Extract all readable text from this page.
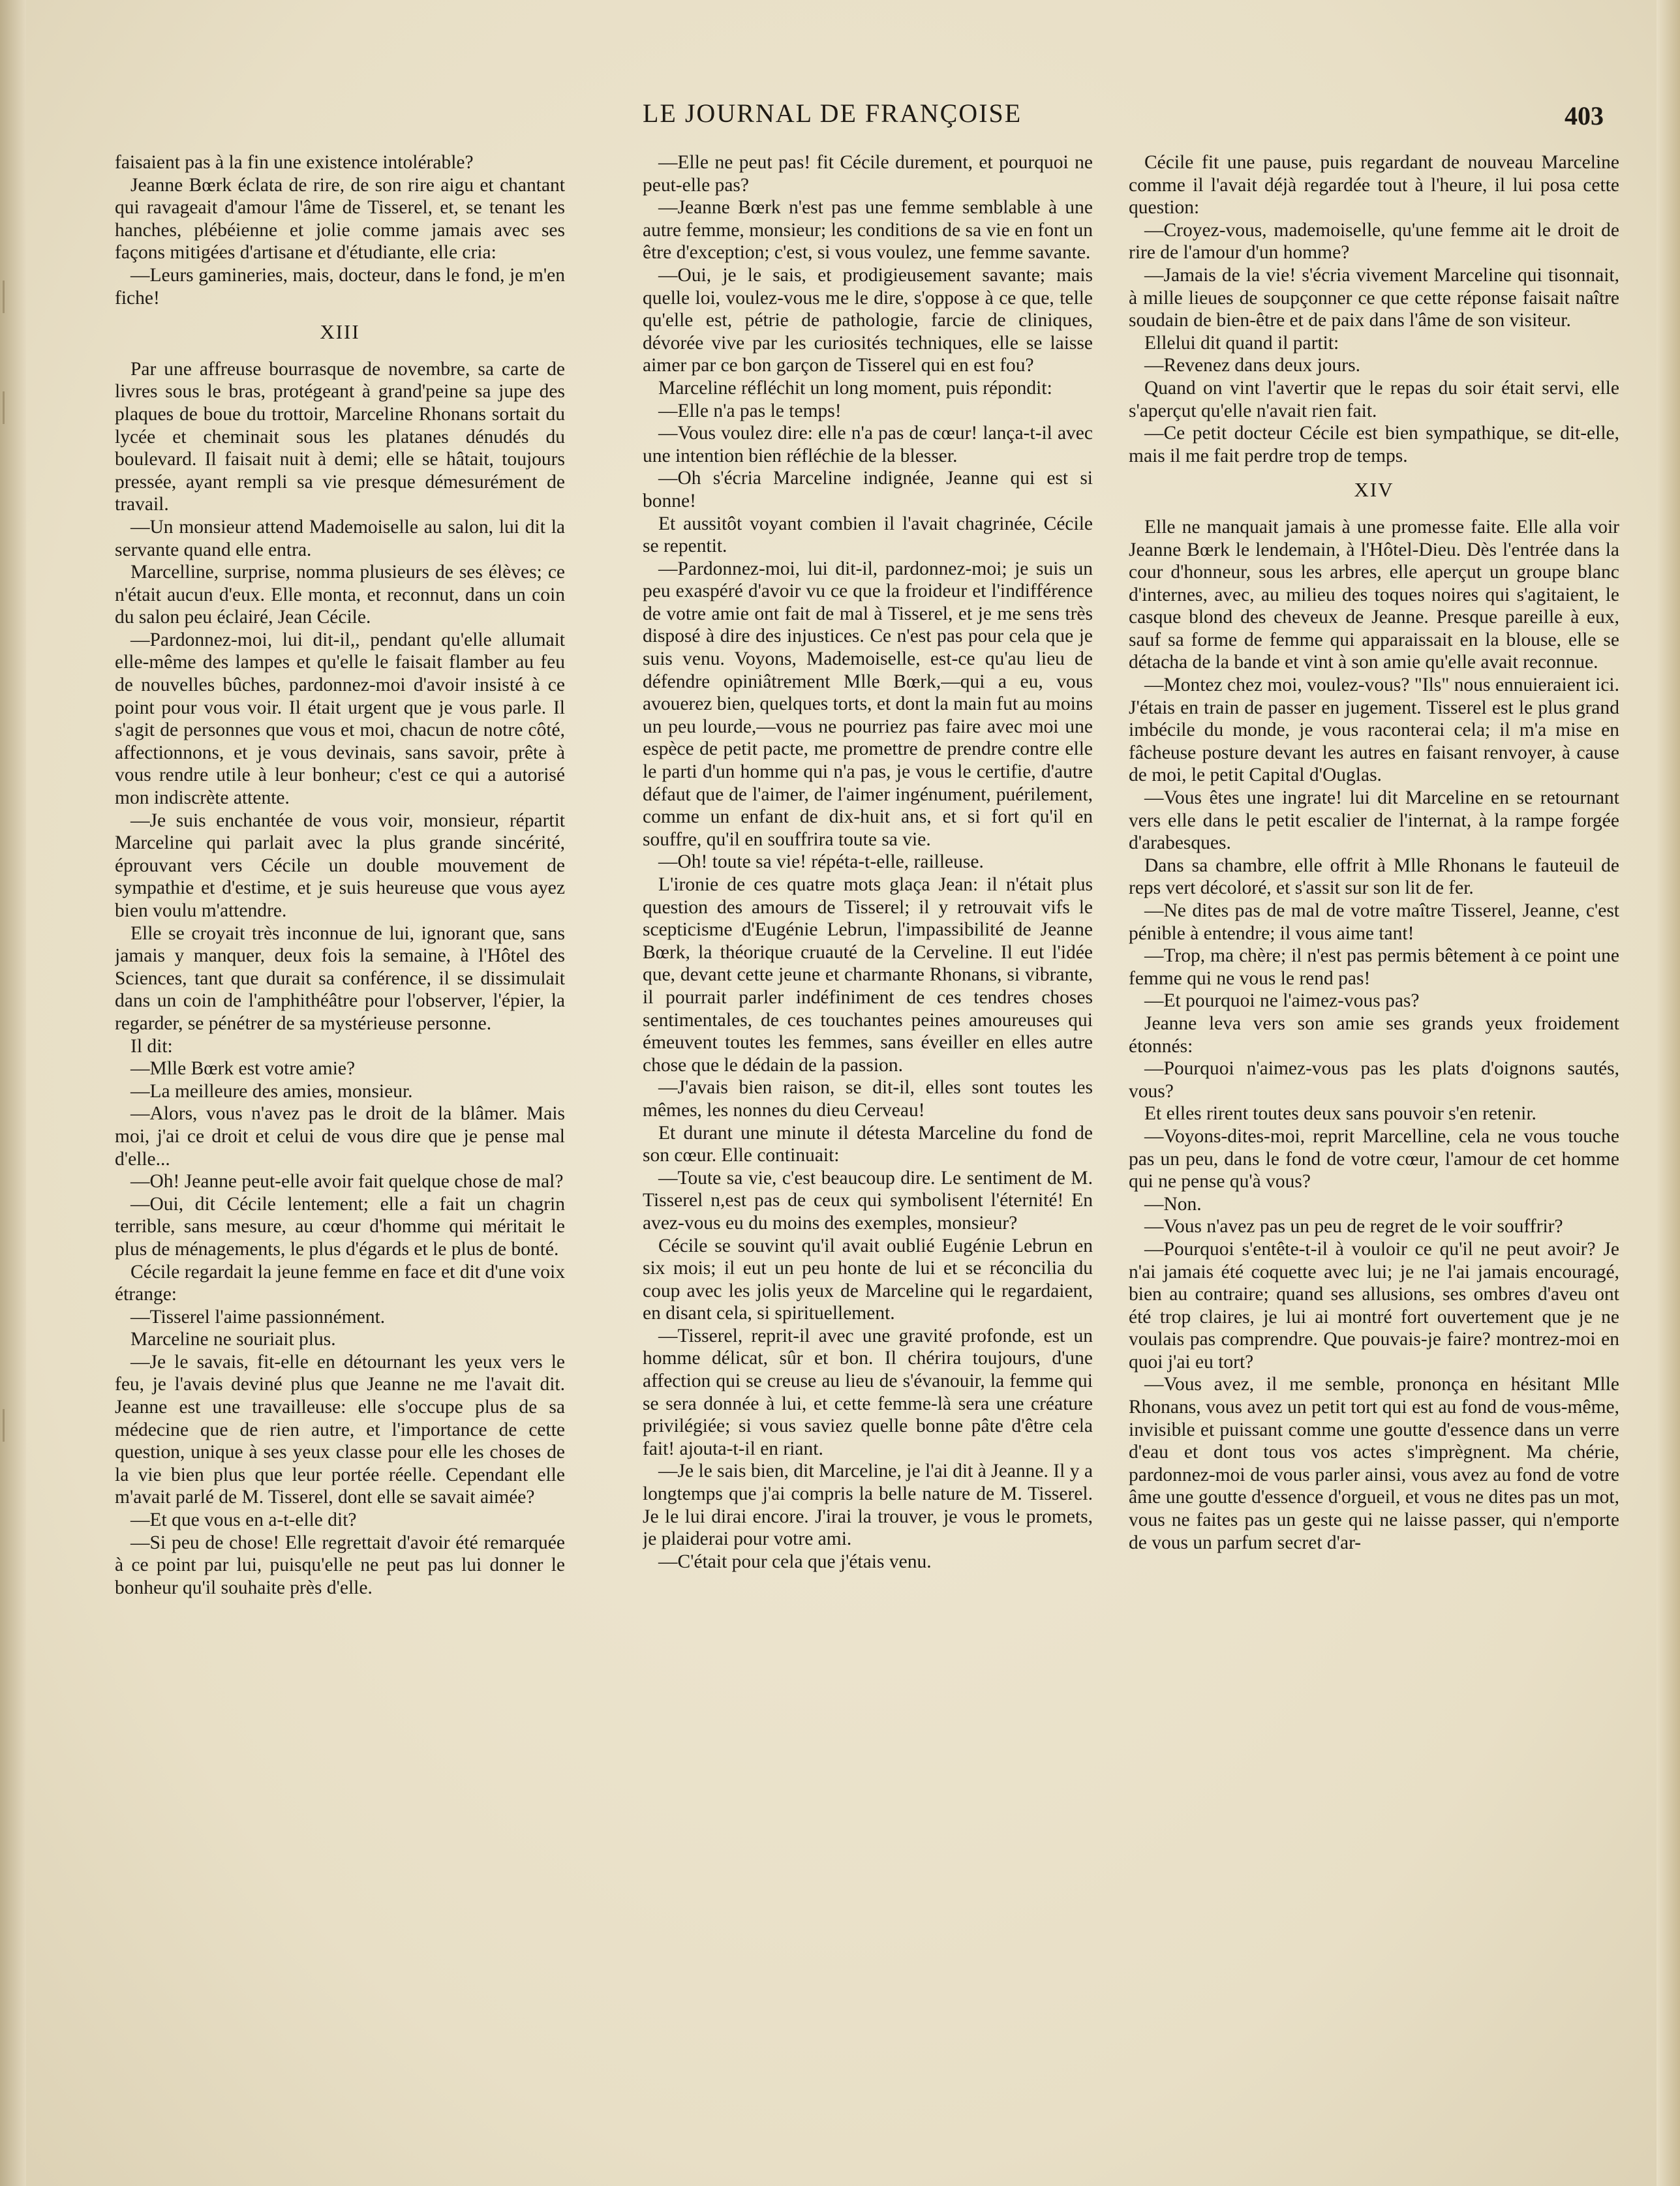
LE JOURNAL DE FRANÇOISE	403

faisaient pas à la fin une existence intolérable?

Jeanne Bœrk éclata de rire, de son rire aigu et chantant qui ravageait d'amour l'âme de Tisserel, et, se tenant les hanches, plébéienne et jolie comme jamais avec ses façons mitigées d'artisane et d'étudiante, elle cria:

—Leurs gamineries, mais, docteur, dans le fond, je m'en fiche!

XIII

Par une affreuse bourrasque de novembre, sa carte de livres sous le bras, protégeant à grand'peine sa jupe des plaques de boue du trottoir, Marceline Rhonans sortait du lycée et cheminait sous les platanes dénudés du boulevard. Il faisait nuit à demi; elle se hâtait, toujours pressée, ayant rempli sa vie presque démesurément de travail.

—Un monsieur attend Mademoiselle au salon, lui dit la servante quand elle entra.

Marcelline, surprise, nomma plusieurs de ses élèves; ce n'était aucun d'eux. Elle monta, et reconnut, dans un coin du salon peu éclairé, Jean Cécile.

—Pardonnez-moi, lui dit-il,, pendant qu'elle allumait elle-même des lampes et qu'elle le faisait flamber au feu de nouvelles bûches, pardonnez-moi d'avoir insisté à ce point pour vous voir. Il était urgent que je vous parle. Il s'agit de personnes que vous et moi, chacun de notre côté, affectionnons, et je vous devinais, sans savoir, prête à vous rendre utile à leur bonheur; c'est ce qui a autorisé mon indiscrète attente.

—Je suis enchantée de vous voir, monsieur, répartit Marceline qui parlait avec la plus grande sincérité, éprouvant vers Cécile un double mouvement de sympathie et d'estime, et je suis heureuse que vous ayez bien voulu m'attendre.

Elle se croyait très inconnue de lui, ignorant que, sans jamais y manquer, deux fois la semaine, à l'Hôtel des Sciences, tant que durait sa conférence, il se dissimulait dans un coin de l'amphithéâtre pour l'observer, l'épier, la regarder, se pénétrer de sa mystérieuse personne.

Il dit:

—Mlle Bœrk est votre amie?

—La meilleure des amies, monsieur.

—Alors, vous n'avez pas le droit de la blâmer. Mais moi, j'ai ce droit et celui de vous dire que je pense mal d'elle...

—Oh! Jeanne peut-elle avoir fait quelque chose de mal?

—Oui, dit Cécile lentement; elle a fait un chagrin terrible, sans mesure, au cœur d'homme qui méritait le plus de ménagements, le plus d'égards et le plus de bonté.

Cécile regardait la jeune femme en face et dit d'une voix étrange:

—Tisserel l'aime passionnément.

Marceline ne souriait plus.

—Je le savais, fit-elle en détournant les yeux vers le feu, je l'avais deviné plus que Jeanne ne me l'avait dit. Jeanne est une travailleuse: elle s'occupe plus de sa médecine que de rien autre, et l'importance de cette question, unique à ses yeux classe pour elle les choses de la vie bien plus que leur portée réelle. Cependant elle m'avait parlé de M. Tisserel, dont elle se savait aimée?

—Et que vous en a-t-elle dit?

—Si peu de chose! Elle regrettait d'avoir été remarquée à ce point par lui, puisqu'elle ne peut pas lui donner le bonheur qu'il souhaite près d'elle.

—Elle ne peut pas! fit Cécile durement, et pourquoi ne peut-elle pas?

—Jeanne Bœrk n'est pas une femme semblable à une autre femme, monsieur; les conditions de sa vie en font un être d'exception; c'est, si vous voulez, une femme savante.

—Oui, je le sais, et prodigieusement savante; mais quelle loi, voulez-vous me le dire, s'oppose à ce que, telle qu'elle est, pétrie de pathologie, farcie de cliniques, dévorée vive par les curiosités techniques, elle se laisse aimer par ce bon garçon de Tisserel qui en est fou?

Marceline réfléchit un long moment, puis répondit:

—Elle n'a pas le temps!

—Vous voulez dire: elle n'a pas de cœur! lança-t-il avec une intention bien réfléchie de la blesser.

—Oh s'écria Marceline indignée, Jeanne qui est si bonne!

Et aussitôt voyant combien il l'avait chagrinée, Cécile se repentit.

—Pardonnez-moi, lui dit-il, pardonnez-moi; je suis un peu exaspéré d'avoir vu ce que la froideur et l'indifférence de votre amie ont fait de mal à Tisserel, et je me sens très disposé à dire des injustices. Ce n'est pas pour cela que je suis venu. Voyons, Mademoiselle, est-ce qu'au lieu de défendre opiniâtrement Mlle Bœrk,—qui a eu, vous avouerez bien, quelques torts, et dont la main fut au moins un peu lourde,—vous ne pourriez pas faire avec moi une espèce de petit pacte, me promettre de prendre contre elle le parti d'un homme qui n'a pas, je vous le certifie, d'autre défaut que de l'aimer, de l'aimer ingénument, puérilement, comme un enfant de dix-huit ans, et si fort qu'il en souffre, qu'il en souffrira toute sa vie.

—Oh! toute sa vie! répéta-t-elle, railleuse.

L'ironie de ces quatre mots glaça Jean: il n'était plus question des amours de Tisserel; il y retrouvait vifs le scepticisme d'Eugénie Lebrun, l'impassibilité de Jeanne Bœrk, la théorique cruauté de la Cerveline. Il eut l'idée que, devant cette jeune et charmante Rhonans, si vibrante, il pourrait parler indéfiniment de ces tendres choses sentimentales, de ces touchantes peines amoureuses qui émeuvent toutes les femmes, sans éveiller en elles autre chose que le dédain de la passion.

—J'avais bien raison, se dit-il, elles sont toutes les mêmes, les nonnes du dieu Cerveau!

Et durant une minute il détesta Marceline du fond de son cœur. Elle continuait:

—Toute sa vie, c'est beaucoup dire. Le sentiment de M. Tisserel n,est pas de ceux qui symbolisent l'éternité! En avez-vous eu du moins des exemples, monsieur?

Cécile se souvint qu'il avait oublié Eugénie Lebrun en six mois; il eut un peu honte de lui et se réconcilia du coup avec les jolis yeux de Marceline qui le regardaient, en disant cela, si spirituellement.

—Tisserel, reprit-il avec une gravité profonde, est un homme délicat, sûr et bon. Il chérira toujours, d'une affection qui se creuse au lieu de s'évanouir, la femme qui se sera donnée à lui, et cette femme-là sera une créature privilégiée; si vous saviez quelle bonne pâte d'être cela fait! ajouta-t-il en riant.

—Je le sais bien, dit Marceline, je l'ai dit à Jeanne. Il y a longtemps que j'ai compris la belle nature de M. Tisserel. Je le lui dirai encore. J'irai la trouver, je vous le promets, je plaiderai pour votre ami.

—C'était pour cela que j'étais venu.

Cécile fit une pause, puis regardant de nouveau Marceline comme il l'avait déjà regardée tout à l'heure, il lui posa cette question:

—Croyez-vous, mademoiselle, qu'une femme ait le droit de rire de l'amour d'un homme?

—Jamais de la vie! s'écria vivement Marceline qui tisonnait, à mille lieues de soupçonner ce que cette réponse faisait naître soudain de bien-être et de paix dans l'âme de son visiteur.

Ellelui dit quand il partit:

—Revenez dans deux jours.

Quand on vint l'avertir que le repas du soir était servi, elle s'aperçut qu'elle n'avait rien fait.

—Ce petit docteur Cécile est bien sympathique, se dit-elle, mais il me fait perdre trop de temps.

XIV

Elle ne manquait jamais à une promesse faite. Elle alla voir Jeanne Bœrk le lendemain, à l'Hôtel-Dieu. Dès l'entrée dans la cour d'honneur, sous les arbres, elle aperçut un groupe blanc d'internes, avec, au milieu des toques noires qui s'agitaient, le casque blond des cheveux de Jeanne. Presque pareille à eux, sauf sa forme de femme qui apparaissait en la blouse, elle se détacha de la bande et vint à son amie qu'elle avait reconnue.

—Montez chez moi, voulez-vous? "Ils" nous ennuieraient ici. J'étais en train de passer en jugement. Tisserel est le plus grand imbécile du monde, je vous raconterai cela; il m'a mise en fâcheuse posture devant les autres en faisant renvoyer, à cause de moi, le petit Capital d'Ouglas.

—Vous êtes une ingrate! lui dit Marceline en se retournant vers elle dans le petit escalier de l'internat, à la rampe forgée d'arabesques.

Dans sa chambre, elle offrit à Mlle Rhonans le fauteuil de reps vert décoloré, et s'assit sur son lit de fer.

—Ne dites pas de mal de votre maître Tisserel, Jeanne, c'est pénible à entendre; il vous aime tant!

—Trop, ma chère; il n'est pas permis bêtement à ce point une femme qui ne vous le rend pas!

—Et pourquoi ne l'aimez-vous pas?

Jeanne leva vers son amie ses grands yeux froidement étonnés:

—Pourquoi n'aimez-vous pas les plats d'oignons sautés, vous?

Et elles rirent toutes deux sans pouvoir s'en retenir.

—Voyons-dites-moi, reprit Marcelline, cela ne vous touche pas un peu, dans le fond de votre cœur, l'amour de cet homme qui ne pense qu'à vous?

—Non.

—Vous n'avez pas un peu de regret de le voir souffrir?

—Pourquoi s'entête-t-il à vouloir ce qu'il ne peut avoir? Je n'ai jamais été coquette avec lui; je ne l'ai jamais encouragé, bien au contraire; quand ses allusions, ses ombres d'aveu ont été trop claires, je lui ai montré fort ouvertement que je ne voulais pas comprendre. Que pouvais-je faire? montrez-moi en quoi j'ai eu tort?

—Vous avez, il me semble, prononça en hésitant Mlle Rhonans, vous avez un petit tort qui est au fond de vous-même, invisible et puissant comme une goutte d'essence dans un verre d'eau et dont tous vos actes s'imprègnent. Ma chérie, pardonnez-moi de vous parler ainsi, vous avez au fond de votre âme une goutte d'essence d'orgueil, et vous ne dites pas un mot, vous ne faites pas un geste qui ne laisse passer, qui n'emporte de vous un parfum secret d'ar-
